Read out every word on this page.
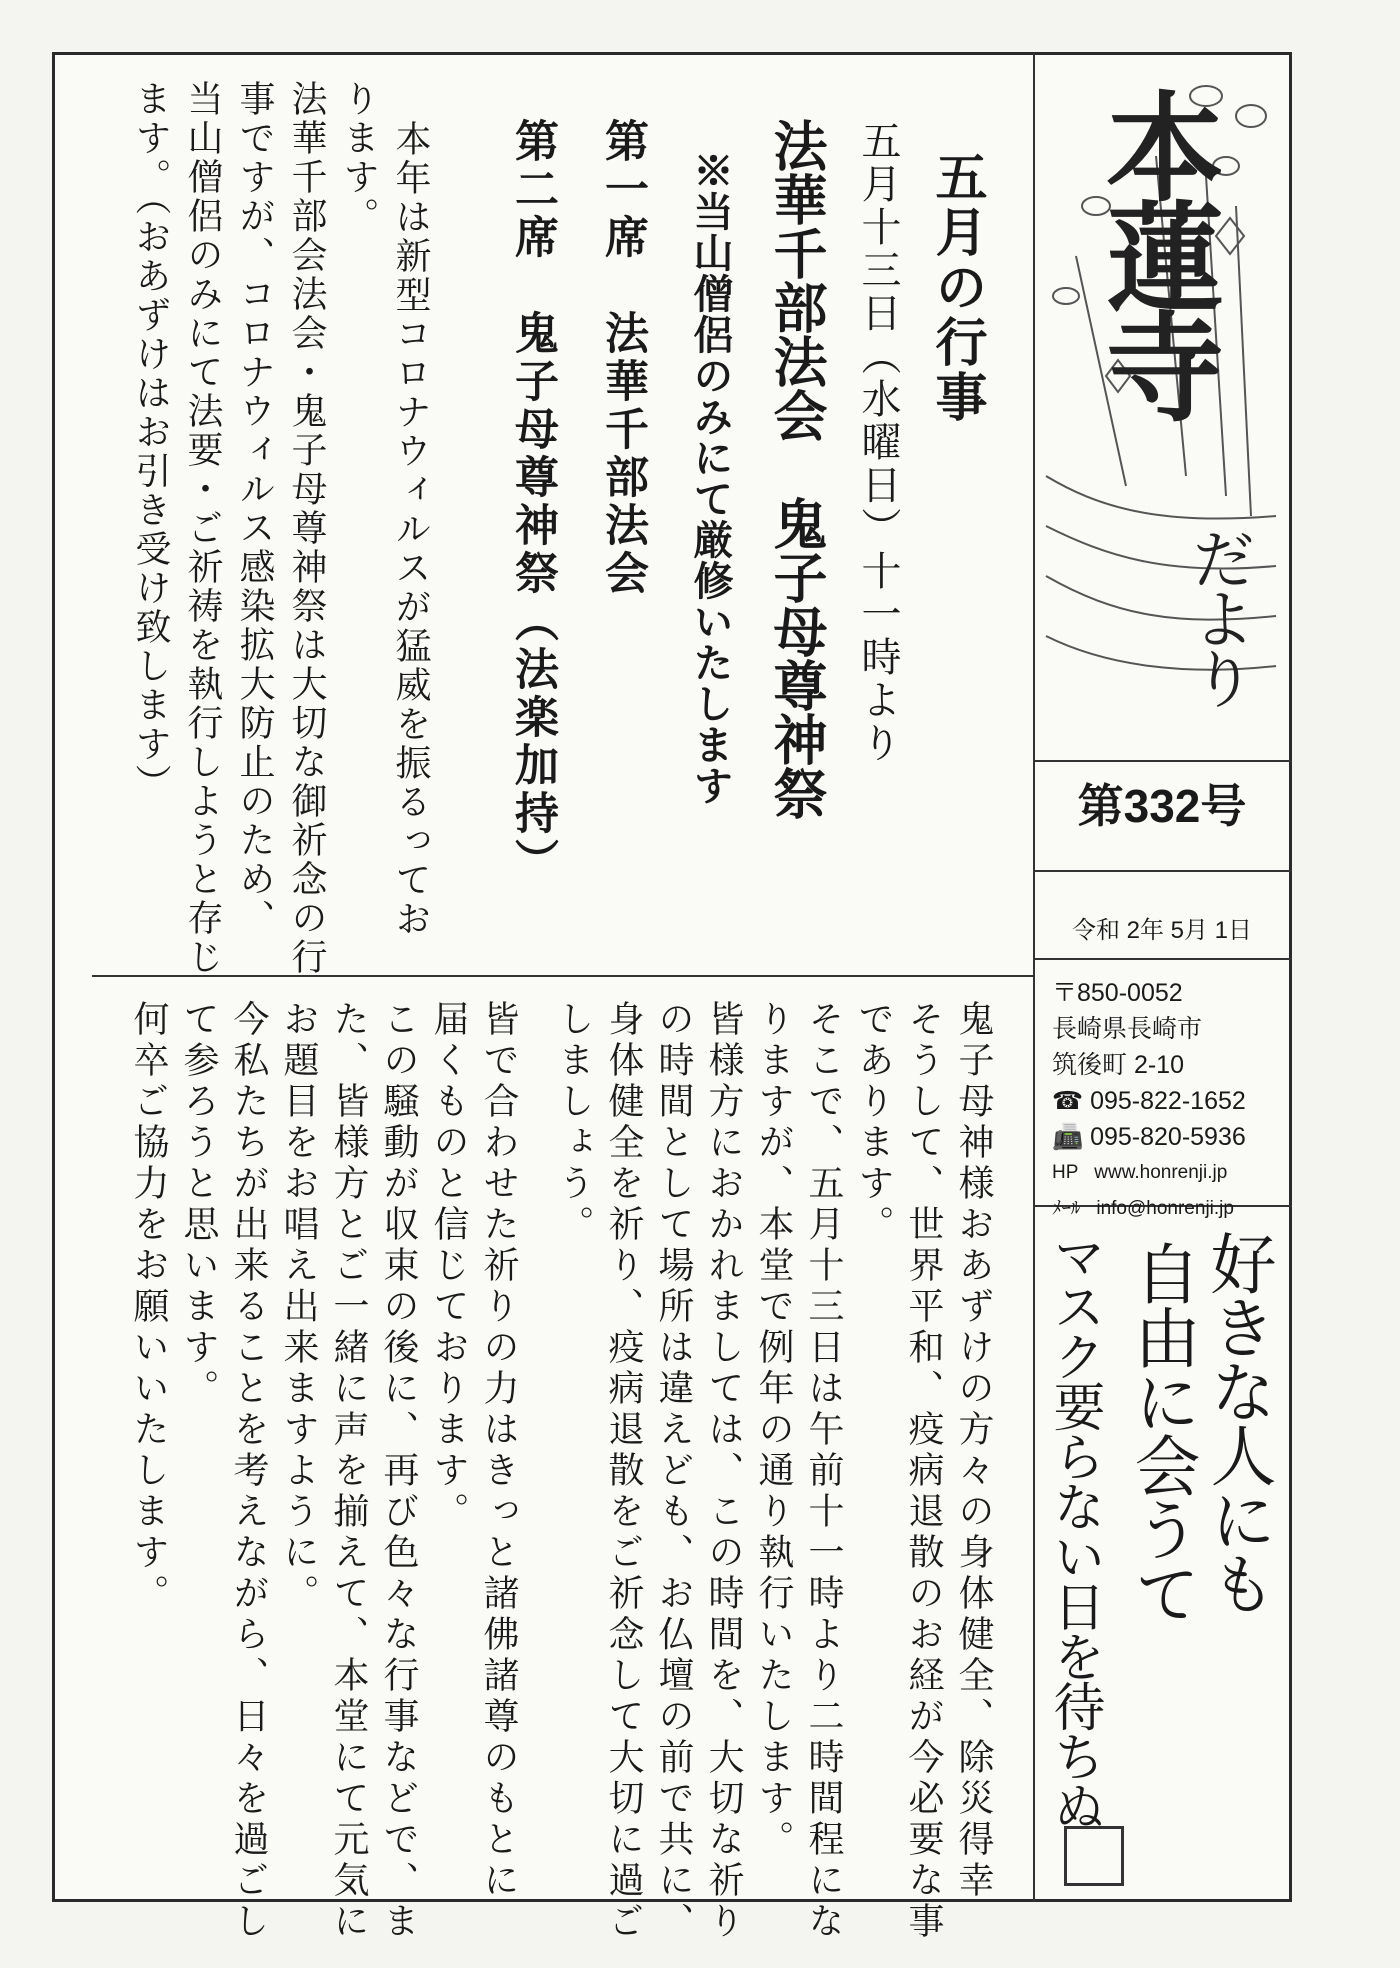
本蓮寺
だより
第332号
令和 2年 5月 1日
〒850-0052
長崎県長崎市
筑後町 2-10
☎ 095-822-1652
📠 095-820-5936
HP www.honrenji.jp
ﾒｰﾙ info@honrenji.jp
好きな人にも
自由に会うて
マスク要らない日を待ちぬ
五月の行事
五月十三日（水曜日）十一時より
法華千部法会　鬼子母尊神祭
※当山僧侶のみにて厳修いたします
第一席　法華千部法会
第二席　鬼子母尊神祭（法楽加持）
本年は新型コロナウィルスが猛威を振るってお
ります。
法華千部会法会・鬼子母尊神祭は大切な御祈念の行
事ですが、コロナウィルス感染拡大防止のため、
当山僧侶のみにて法要・ご祈祷を執行しようと存じ
ます。（おあずけはお引き受け致します）
鬼子母神様おあずけの方々の身体健全、除災得幸
そうして、世界平和、疫病退散のお経が今必要な事
であります。
そこで、五月十三日は午前十一時より二時間程にな
りますが、本堂で例年の通り執行いたします。
皆様方におかれましては、この時間を、大切な祈り
の時間として場所は違えども、お仏壇の前で共に、
身体健全を祈り、疫病退散をご祈念して大切に過ご
しましょう。
皆で合わせた祈りの力はきっと諸佛諸尊のもとに
届くものと信じております。
この騒動が収束の後に、再び色々な行事などで、ま
た、皆様方とご一緒に声を揃えて、本堂にて元気に
お題目をお唱え出来ますように。
今私たちが出来ることを考えながら、日々を過ごし
て参ろうと思います。
何卒ご協力をお願いいたします。
